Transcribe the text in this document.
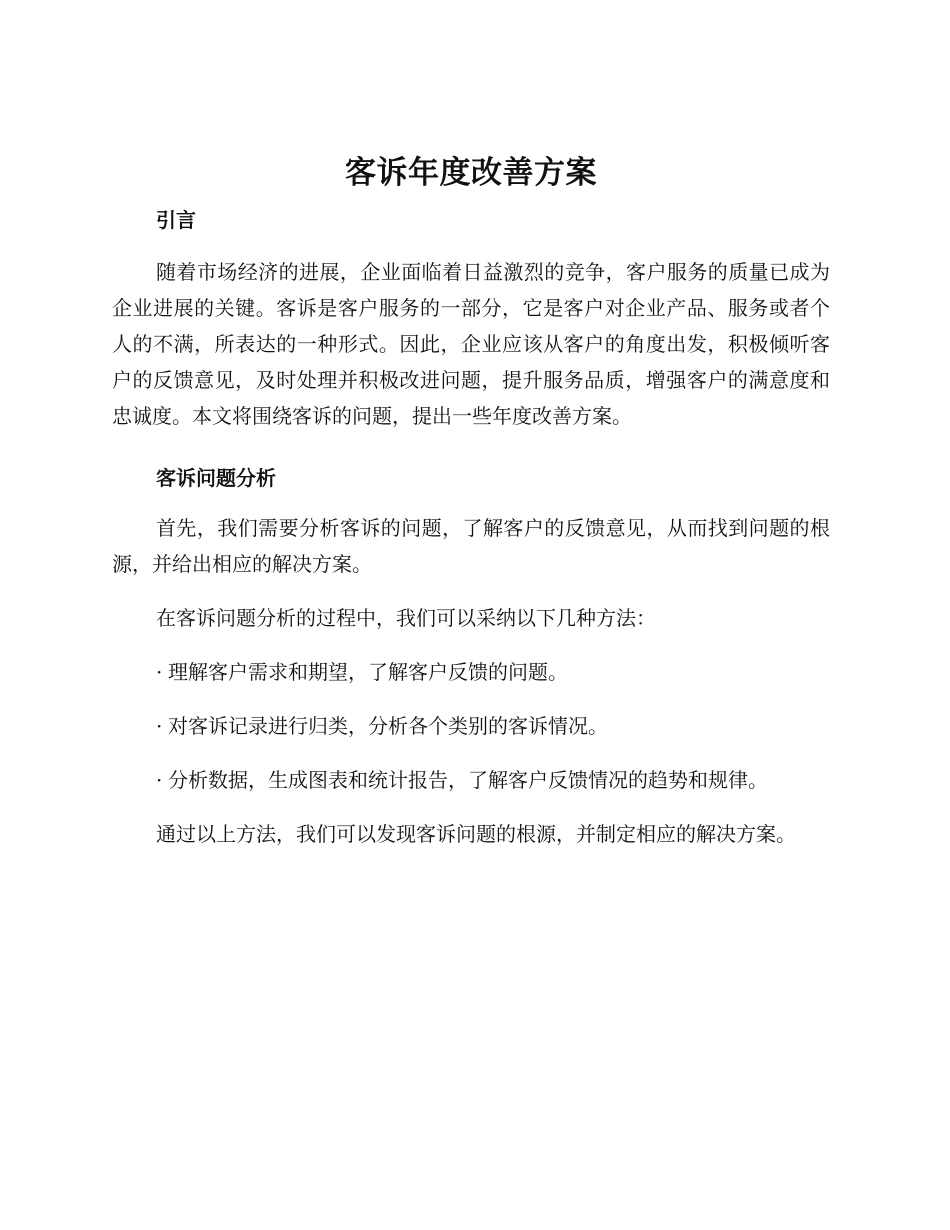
客诉年度改善方案
引言

随着市场经济的进展，企业面临着日益激烈的竞争，客户服务的质量已成为企业进展的关键。客诉是客户服务的一部分，它是客户对企业产品、服务或者个人的不满，所表达的一种形式。因此，企业应该从客户的角度出发，积极倾听客户的反馈意见，及时处理并积极改进问题，提升服务品质，增强客户的满意度和忠诚度。本文将围绕客诉的问题，提出一些年度改善方案。

客诉问题分析

首先，我们需要分析客诉的问题，了解客户的反馈意见，从而找到问题的根源，并给出相应的解决方案。

在客诉问题分析的过程中，我们可以采纳以下几种方法：

· 理解客户需求和期望，了解客户反馈的问题。

· 对客诉记录进行归类，分析各个类别的客诉情况。

· 分析数据，生成图表和统计报告，了解客户反馈情况的趋势和规律。

通过以上方法，我们可以发现客诉问题的根源，并制定相应的解决方案。
